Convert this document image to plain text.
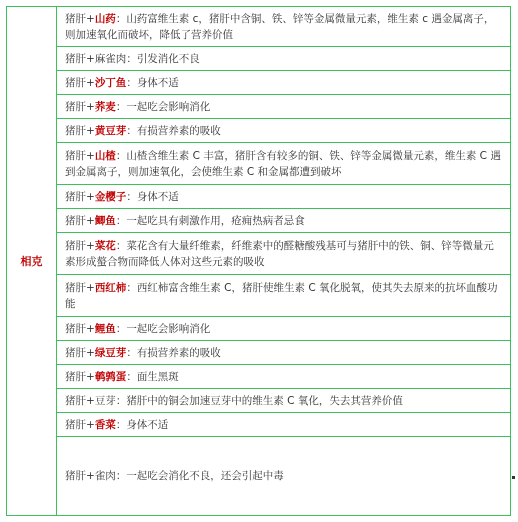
相克
猪肝+山药：山药富维生素 c，猪肝中含铜、铁、锌等金属微量元素，维生素 c 遇金属离子，则加速氧化而破坏，降低了营养价值
猪肝+麻雀肉：引发消化不良
猪肝+沙丁鱼：身体不适
猪肝+荞麦：一起吃会影响消化
猪肝+黄豆芽：有损营养素的吸收
猪肝+山楂：山楂含维生素 C 丰富，猪肝含有较多的铜、铁、锌等金属微量元素，维生素 C 遇到金属离子，则加速氧化，会使维生素 C 和金属都遭到破坏
猪肝+金樱子：身体不适
猪肝+鲫鱼：一起吃具有刺激作用，疮痈热病者忌食
猪肝+菜花：菜花含有大量纤维素，纤维素中的醛糖酸残基可与猪肝中的铁、铜、锌等微量元素形成螯合物而降低人体对这些元素的吸收
猪肝+西红柿：西红柿富含维生素 C，猪肝使维生素 C 氧化脱氧，使其失去原来的抗坏血酸功能
猪肝+鲤鱼：一起吃会影响消化
猪肝+绿豆芽：有损营养素的吸收
猪肝+鹌鹑蛋：面生黑斑
猪肝+豆芽：猪肝中的铜会加速豆芽中的维生素 C 氧化，失去其营养价值
猪肝+香菜：身体不适
猪肝+雀肉：一起吃会消化不良，还会引起中毒
